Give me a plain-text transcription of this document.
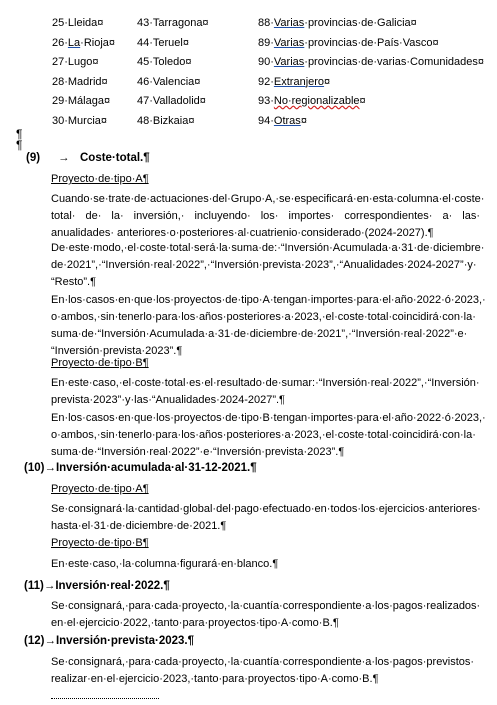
25·Lleida¤	43·Tarragona¤	88·Varias·provincias·de·Galicia¤
26·La·Rioja¤ 44·Teruel¤	89·Varias·provincias·de·País·Vasco¤
27·Lugo¤	45·Toledo¤	90·Varias·provincias·de·varias·Comunidades¤
28·Madrid¤	46·Valencia¤	92·Extranjero¤
29·Málaga¤ 47·Valladolid¤	93·No·regionalizable¤
30·Murcia¤	48·Bizkaia¤	94·Otras¤
¶
¶
(9) → Coste·total.¶
Proyecto·de·tipo·A¶

Cuando·se·trate·de·actuaciones·del·Grupo·A,·se·especificará·en·esta·columna·el·coste· total· de· la· inversión,· incluyendo· los· importes· correspondientes· a· las· anualidades· anteriores·o·posteriores·al·cuatrienio·considerado·(2024-2027).¶

De·este·modo,·el·coste·total·será·la·suma·de:·“Inversión·Acumulada·a·31·de·diciembre· de·2021”,·“Inversión·real·2022”,·“Inversión·prevista·2023”,·“Anualidades·2024-2027”·y· “Resto”.¶

En·los·casos·en·que·los·proyectos·de·tipo·A·tengan·importes·para·el·año·2022·ó·2023,· o·ambos,·sin·tenerlo·para·los·años·posteriores·a·2023,·el·coste·total·coincidirá·con·la· suma·de·“Inversión·Acumulada·a·31·de·diciembre·de·2021”,·“Inversión·real·2022”·e· “Inversión·prevista·2023”.¶

Proyecto·de·tipo·B¶

En·este·caso,·el·coste·total·es·el·resultado·de·sumar:·“Inversión·real·2022”,·“Inversión· prevista·2023”·y·las·“Anualidades·2024-2027”.¶

En·los·casos·en·que·los·proyectos·de·tipo·B·tengan·importes·para·el·año·2022·ó·2023,· o·ambos,·sin·tenerlo·para·los·años·posteriores·a·2023,·el·coste·total·coincidirá·con·la· suma·de·“Inversión·real·2022”·e·“Inversión·prevista·2023”.¶

(10)→Inversión·acumulada·al·31-12-2021.¶
Proyecto·de·tipo·A¶

Se·consignará·la·cantidad·global·del·pago·efectuado·en·todos·los·ejercicios·anteriores· hasta·el·31·de·diciembre·de·2021.¶

Proyecto·de·tipo·B¶

En·este·caso,·la·columna·figurará·en·blanco.¶

(11)→Inversión·real·2022.¶

Se·consignará,·para·cada·proyecto,·la·cuantía·correspondiente·a·los·pagos·realizados· en·el·ejercicio·2022,·tanto·para·proyectos·tipo·A·como·B.¶

(12)→Inversión·prevista·2023.¶

Se·consignará,·para·cada·proyecto,·la·cuantía·correspondiente·a·los·pagos·previstos· realizar·en·el·ejercicio·2023,·tanto·para·proyectos·tipo·A·como·B.¶
